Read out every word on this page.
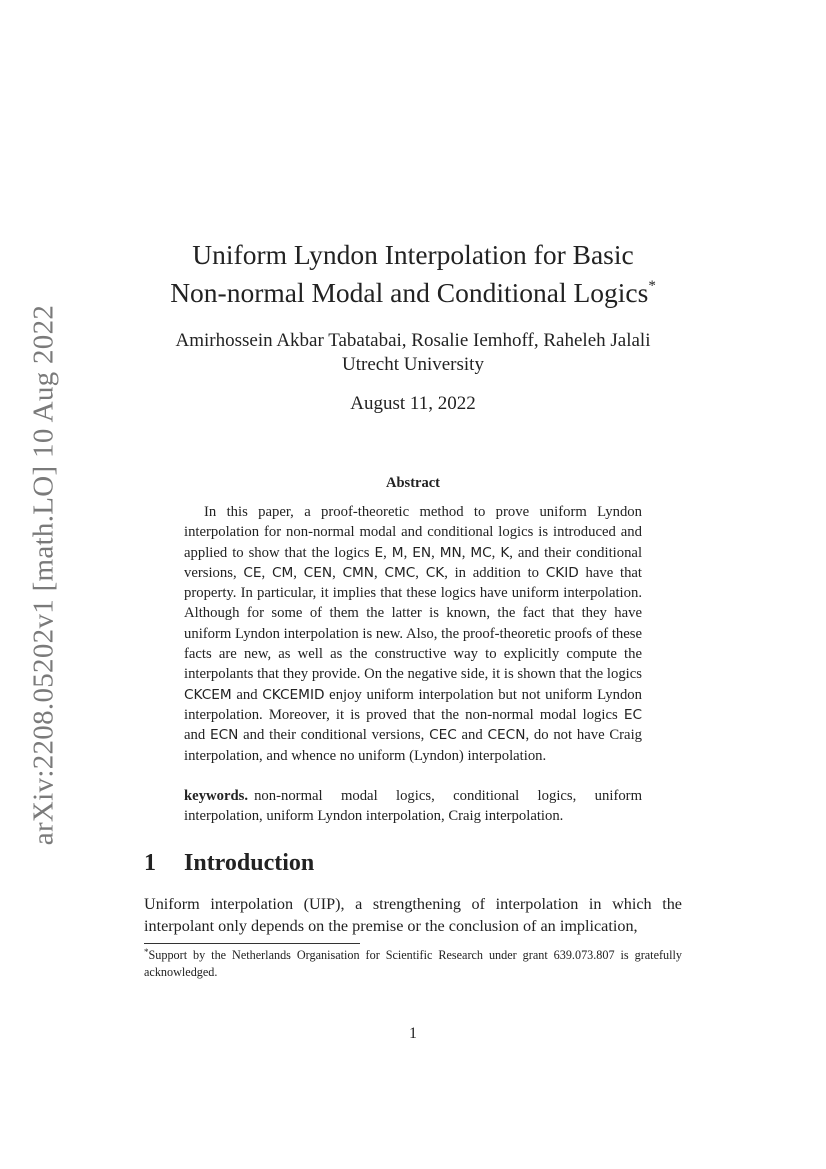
arXiv:2208.05202v1 [math.LO] 10 Aug 2022
Uniform Lyndon Interpolation for Basic
Non-normal Modal and Conditional Logics*
Amirhossein Akbar Tabatabai, Rosalie Iemhoff, Raheleh Jalali
Utrecht University
August 11, 2022
Abstract
In this paper, a proof-theoretic method to prove uniform Lyndon interpolation for non-normal modal and conditional logics is introduced and applied to show that the logics E, M, EN, MN, MC, K, and their conditional versions, CE, CM, CEN, CMN, CMC, CK, in addition to CKID have that property. In particular, it implies that these logics have uniform interpolation. Although for some of them the latter is known, the fact that they have uniform Lyndon interpolation is new. Also, the proof-theoretic proofs of these facts are new, as well as the constructive way to explicitly compute the interpolants that they provide. On the negative side, it is shown that the logics CKCEM and CKCEMID enjoy uniform interpolation but not uniform Lyndon interpolation. Moreover, it is proved that the non-normal modal logics EC and ECN and their conditional versions, CEC and CECN, do not have Craig interpolation, and whence no uniform (Lyndon) interpolation.
keywords. non-normal modal logics, conditional logics, uniform interpolation, uniform Lyndon interpolation, Craig interpolation.
1 Introduction
Uniform interpolation (UIP), a strengthening of interpolation in which the interpolant only depends on the premise or the conclusion of an implication,
*Support by the Netherlands Organisation for Scientific Research under grant 639.073.807 is gratefully acknowledged.
1
